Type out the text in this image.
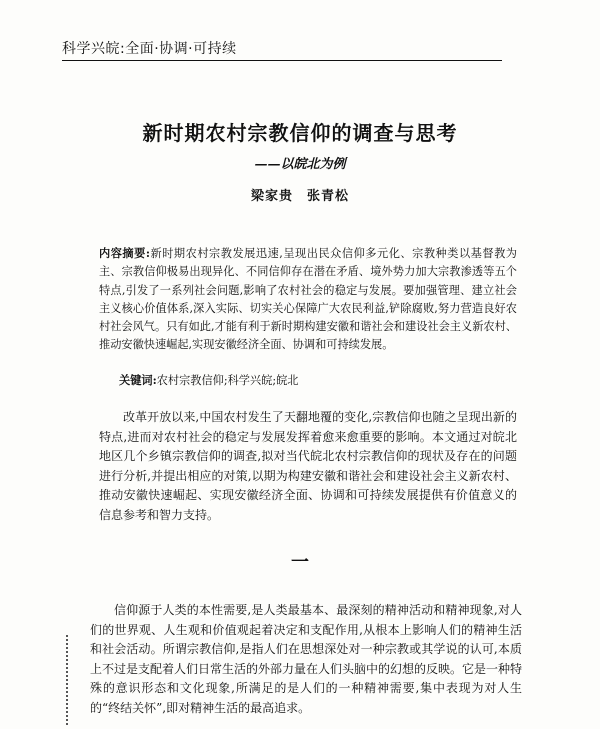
科学兴皖:全面·协调·可持续
新时期农村宗教信仰的调查与思考
——以皖北为例
梁家贵　张青松
内容摘要:新时期农村宗教发展迅速,呈现出民众信仰多元化、宗教种类以基督教为主、宗教信仰极易出现异化、不同信仰存在潜在矛盾、境外势力加大宗教渗透等五个特点,引发了一系列社会问题,影响了农村社会的稳定与发展。要加强管理、建立社会主义核心价值体系,深入实际、切实关心保障广大农民利益,铲除腐败,努力营造良好农村社会风气。只有如此,才能有利于新时期构建安徽和谐社会和建设社会主义新农村、推动安徽快速崛起,实现安徽经济全面、协调和可持续发展。
关键词:农村宗教信仰;科学兴皖;皖北
改革开放以来,中国农村发生了天翻地覆的变化,宗教信仰也随之呈现出新的特点,进而对农村社会的稳定与发展发挥着愈来愈重要的影响。本文通过对皖北地区几个乡镇宗教信仰的调查,拟对当代皖北农村宗教信仰的现状及存在的问题进行分析,并提出相应的对策,以期为构建安徽和谐社会和建设社会主义新农村、推动安徽快速崛起、实现安徽经济全面、协调和可持续发展提供有价值意义的信息参考和智力支持。
一
信仰源于人类的本性需要,是人类最基本、最深刻的精神活动和精神现象,对人们的世界观、人生观和价值观起着决定和支配作用,从根本上影响人们的精神生活和社会活动。所谓宗教信仰,是指人们在思想深处对一种宗教或其学说的认可,本质上不过是支配着人们日常生活的外部力量在人们头脑中的幻想的反映。它是一种特殊的意识形态和文化现象,所满足的是人们的一种精神需要,集中表现为对人生的“终结关怀”,即对精神生活的最高追求。
